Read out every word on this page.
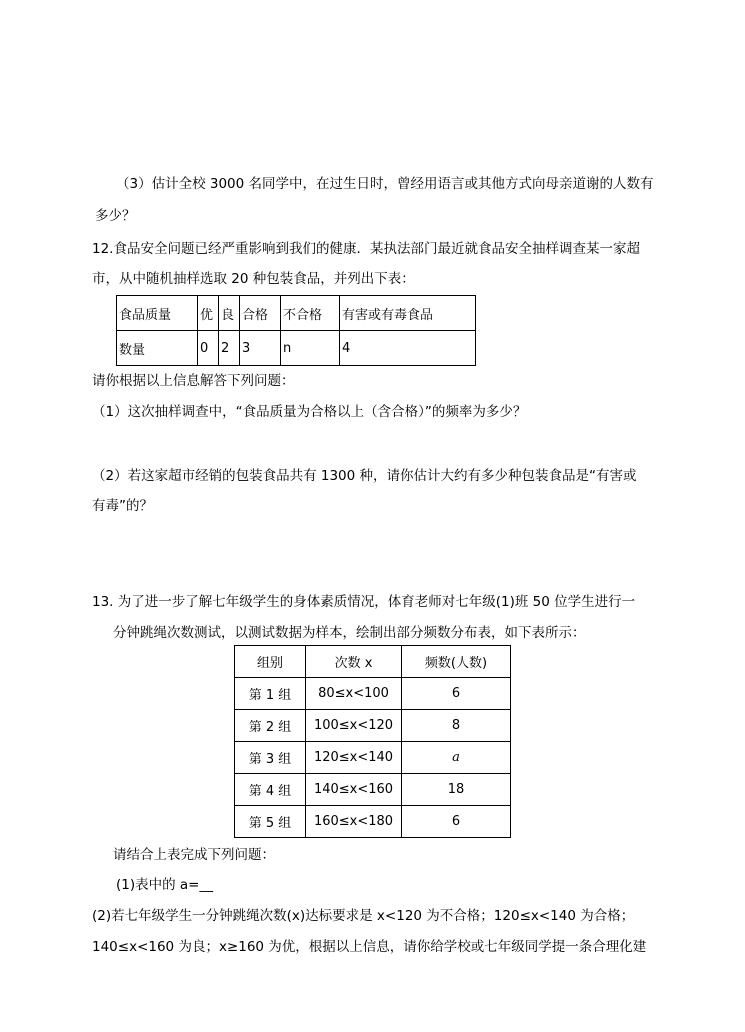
（3）估计全校 3000 名同学中，在过生日时，曾经用语言或其他方式向母亲道谢的人数有
多少？
12.食品安全问题已经严重影响到我们的健康．某执法部门最近就食品安全抽样调查某一家超
市，从中随机抽样选取 20 种包装食品，并列出下表：
食品质量	优	良	合格	不合格	有害或有毒食品
数量	0	2	3	n	4
请你根据以上信息解答下列问题：
（1）这次抽样调查中，“食品质量为合格以上（含合格）”的频率为多少？
（2）若这家超市经销的包装食品共有 1300 种，请你估计大约有多少种包装食品是“有害或
有毒”的？
13. 为了进一步了解七年级学生的身体素质情况，体育老师对七年级(1)班 50 位学生进行一
分钟跳绳次数测试，以测试数据为样本，绘制出部分频数分布表，如下表所示：
组别	次数 x	频数(人数)
第 1 组	80≤x<100	6
第 2 组	100≤x<120	8
第 3 组	120≤x<140	a
第 4 组	140≤x<160	18
第 5 组	160≤x<180	6
请结合上表完成下列问题：
(1)表中的 a=__
(2)若七年级学生一分钟跳绳次数(x)达标要求是 x<120 为不合格；120≤x<140 为合格；
140≤x<160 为良；x≥160 为优，根据以上信息，请你给学校或七年级同学提一条合理化建
